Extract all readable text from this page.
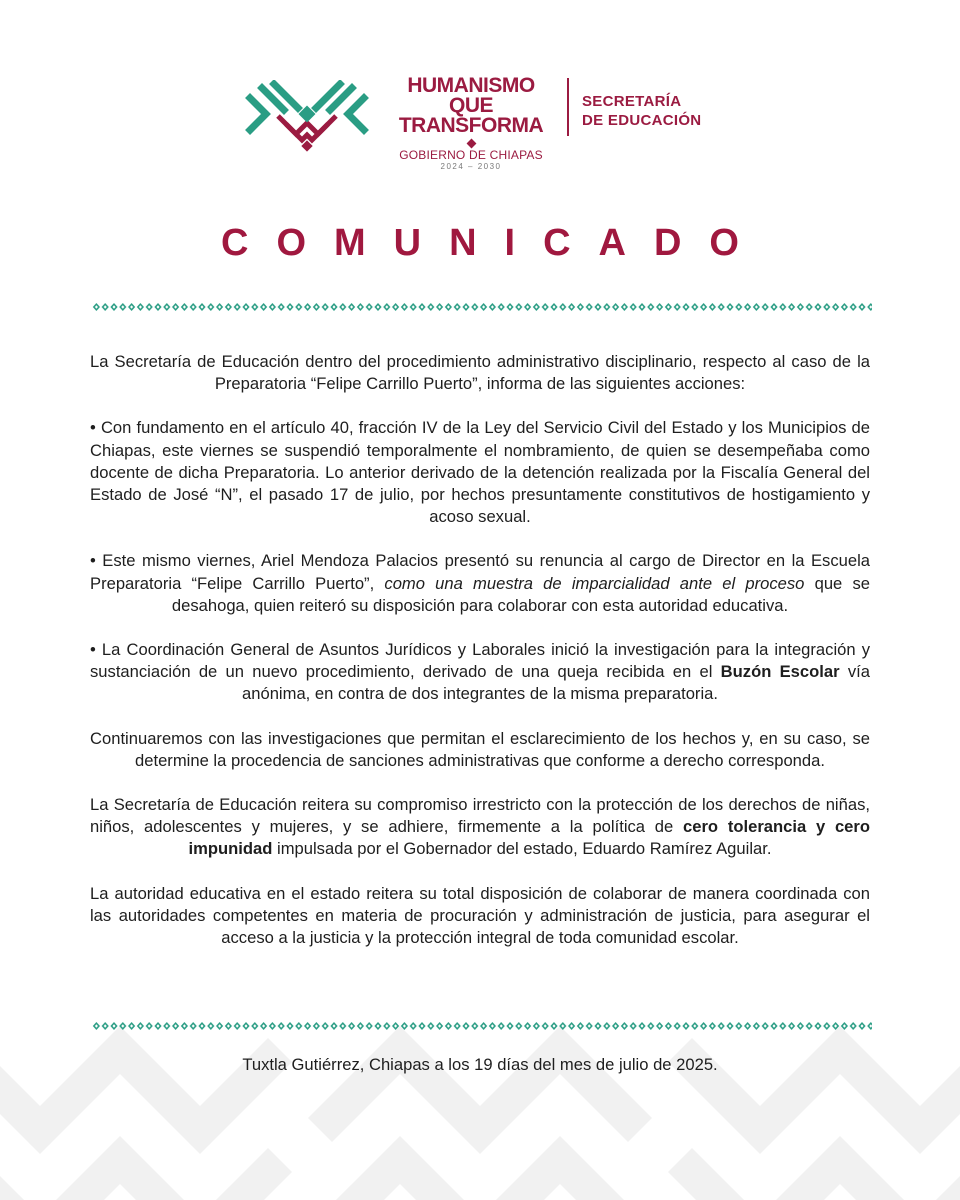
HUMANISMO QUE
TRANSFORMA
GOBIERNO DE CHIAPAS
2024 – 2030
SECRETARÍA
DE EDUCACIÓN
COMUNICADO

La Secretaría de Educación dentro del procedimiento administrativo disciplinario, respecto al caso de la Preparatoria “Felipe Carrillo Puerto”, informa de las siguientes acciones:

• Con fundamento en el artículo 40, fracción IV de la Ley del Servicio Civil del Estado y los Municipios de Chiapas, este viernes se suspendió temporalmente el nombramiento, de quien se desempeñaba como docente de dicha Preparatoria. Lo anterior derivado de la detención realizada por la Fiscalía General del Estado de José “N”, el pasado 17 de julio, por hechos presuntamente constitutivos de hostigamiento y acoso sexual.

• Este mismo viernes, Ariel Mendoza Palacios presentó su renuncia al cargo de Director en la Escuela Preparatoria “Felipe Carrillo Puerto”, como una muestra de imparcialidad ante el proceso que se desahoga, quien reiteró su disposición para colaborar con esta autoridad educativa.

• La Coordinación General de Asuntos Jurídicos y Laborales inició la investigación para la integración y sustanciación de un nuevo procedimiento, derivado de una queja recibida en el Buzón Escolar vía anónima, en contra de dos integrantes de la misma preparatoria.

Continuaremos con las investigaciones que permitan el esclarecimiento de los hechos y, en su caso, se determine la procedencia de sanciones administrativas que conforme a derecho corresponda.

La Secretaría de Educación reitera su compromiso irrestricto con la protección de los derechos de niñas, niños, adolescentes y mujeres, y se adhiere, firmemente a la política de cero tolerancia y cero impunidad impulsada por el Gobernador del estado, Eduardo Ramírez Aguilar.

La autoridad educativa en el estado reitera su total disposición de colaborar de manera coordinada con las autoridades competentes en materia de procuración y administración de justicia, para asegurar el acceso a la justicia y la protección integral de toda comunidad escolar.

Tuxtla Gutiérrez, Chiapas a los 19 días del mes de julio de 2025.
